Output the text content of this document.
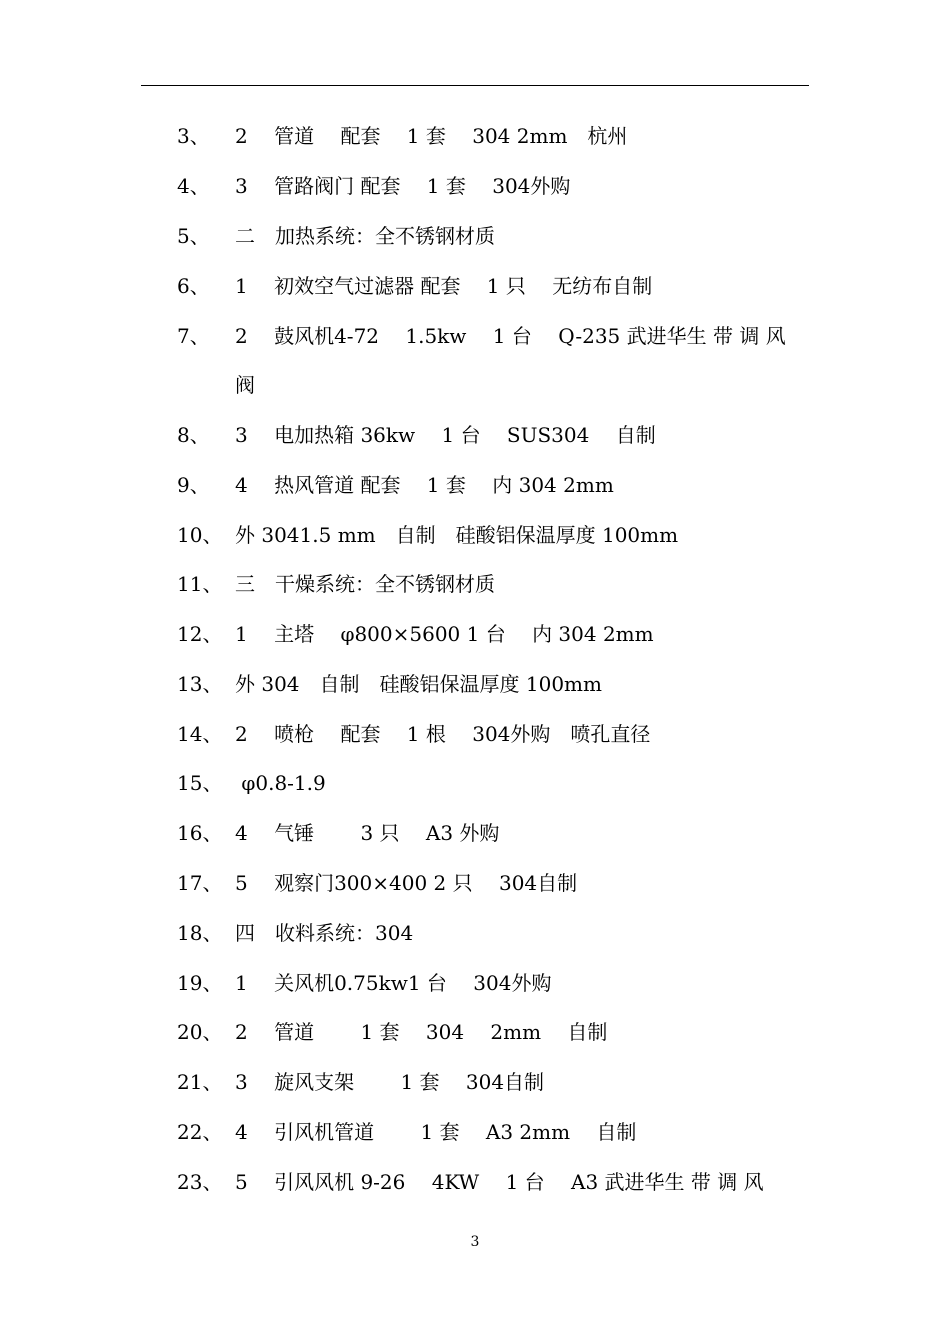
3、

2　 管道　 配套　 1 套　 304 2mm　杭州

4、

3　 管路阀门 配套　 1 套　 304外购

5、

二　加热系统：全不锈钢材质

6、

1　 初效空气过滤器 配套　 1 只　 无纺布自制

7、

2　 鼓风机4-72　 1.5kw　 1 台　 Q-235 武进华生 带 调 风

阀

8、

3　 电加热箱 36kw　 1 台　 SUS304　 自制

9、

4　 热风管道 配套　 1 套　 内 304 2mm

10、

外 3041.5 mm　自制　硅酸铝保温厚度 100mm

11、

三　干燥系统：全不锈钢材质

12、

1　 主塔　 φ800×5600 1 台　 内 304 2mm

13、

外 304　自制　硅酸铝保温厚度 100mm

14、

2　 喷枪　 配套　 1 根　 304外购　喷孔直径

15、

φ0.8-1.9

16、

4　 气锤　　 3 只　 A3 外购

17、

5　 观察门300×400 2 只　 304自制

18、

四　收料系统：304

19、

1　 关风机0.75kw1 台　 304外购

20、

2　 管道　　 1 套　 304　 2mm　 自制

21、

3　 旋风支架　　 1 套　 304自制

22、

4　 引风机管道　　 1 套　 A3 2mm　 自制

23、

5　 引风风机 9-26　 4KW　 1 台　 A3 武进华生 带 调 风

3
